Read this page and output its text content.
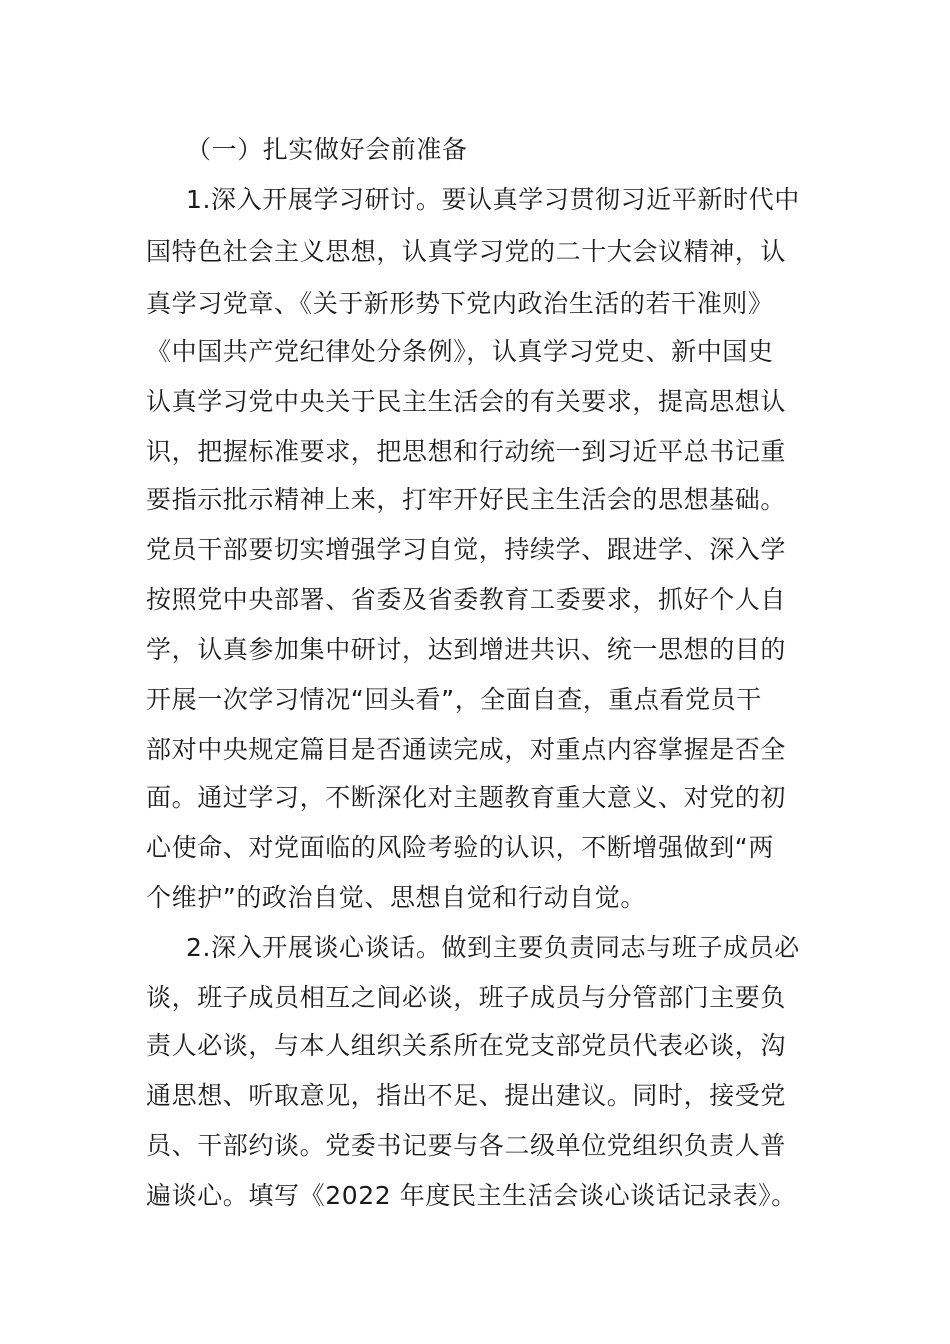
（一）扎实做好会前准备
1.深入开展学习研讨。要认真学习贯彻习近平新时代中
国特色社会主义思想，认真学习党的二十大会议精神，认
真学习党章、《关于新形势下党内政治生活的若干准则》
《中国共产党纪律处分条例》，认真学习党史、新中国史
认真学习党中央关于民主生活会的有关要求，提高思想认
识，把握标准要求，把思想和行动统一到习近平总书记重
要指示批示精神上来，打牢开好民主生活会的思想基础。
党员干部要切实增强学习自觉，持续学、跟进学、深入学
按照党中央部署、省委及省委教育工委要求，抓好个人自
学，认真参加集中研讨，达到增进共识、统一思想的目的
开展一次学习情况“回头看”，全面自查，重点看党员干
部对中央规定篇目是否通读完成，对重点内容掌握是否全
面。通过学习，不断深化对主题教育重大意义、对党的初
心使命、对党面临的风险考验的认识，不断增强做到“两
个维护”的政治自觉、思想自觉和行动自觉。
2.深入开展谈心谈话。做到主要负责同志与班子成员必
谈，班子成员相互之间必谈，班子成员与分管部门主要负
责人必谈，与本人组织关系所在党支部党员代表必谈，沟
通思想、听取意见，指出不足、提出建议。同时，接受党
员、干部约谈。党委书记要与各二级单位党组织负责人普
遍谈心。填写《2022 年度民主生活会谈心谈话记录表》。
